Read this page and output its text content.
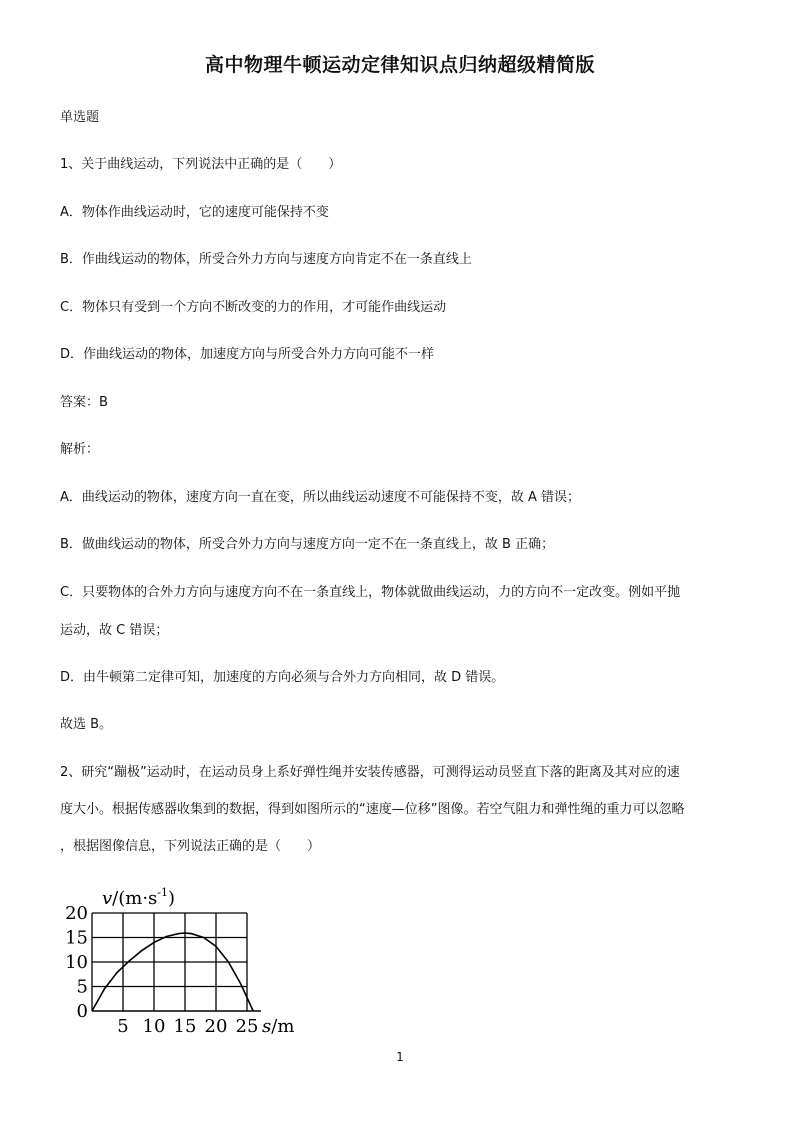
高中物理牛顿运动定律知识点归纳超级精简版
单选题
1、关于曲线运动，下列说法中正确的是（　　）
A．物体作曲线运动时，它的速度可能保持不变
B．作曲线运动的物体，所受合外力方向与速度方向肯定不在一条直线上
C．物体只有受到一个方向不断改变的力的作用，才可能作曲线运动
D．作曲线运动的物体，加速度方向与所受合外力方向可能不一样
答案：B
解析：
A．曲线运动的物体，速度方向一直在变，所以曲线运动速度不可能保持不变，故 A 错误；
B．做曲线运动的物体，所受合外力方向与速度方向一定不在一条直线上，故 B 正确；
C．只要物体的合外力方向与速度方向不在一条直线上，物体就做曲线运动，力的方向不一定改变。例如平抛
运动，故 C 错误；
D．由牛顿第二定律可知，加速度的方向必须与合外力方向相同，故 D 错误。
故选 B。
2、研究“蹦极”运动时，在运动员身上系好弹性绳并安装传感器，可测得运动员竖直下落的距离及其对应的速
度大小。根据传感器收集到的数据，得到如图所示的“速度—位移”图像。若空气阻力和弹性绳的重力可以忽略
，根据图像信息，下列说法正确的是（　　）
5 10 15 20 25
0
5
10
15
20
$v/(m\cdot s^{-1})$
s/m
1
